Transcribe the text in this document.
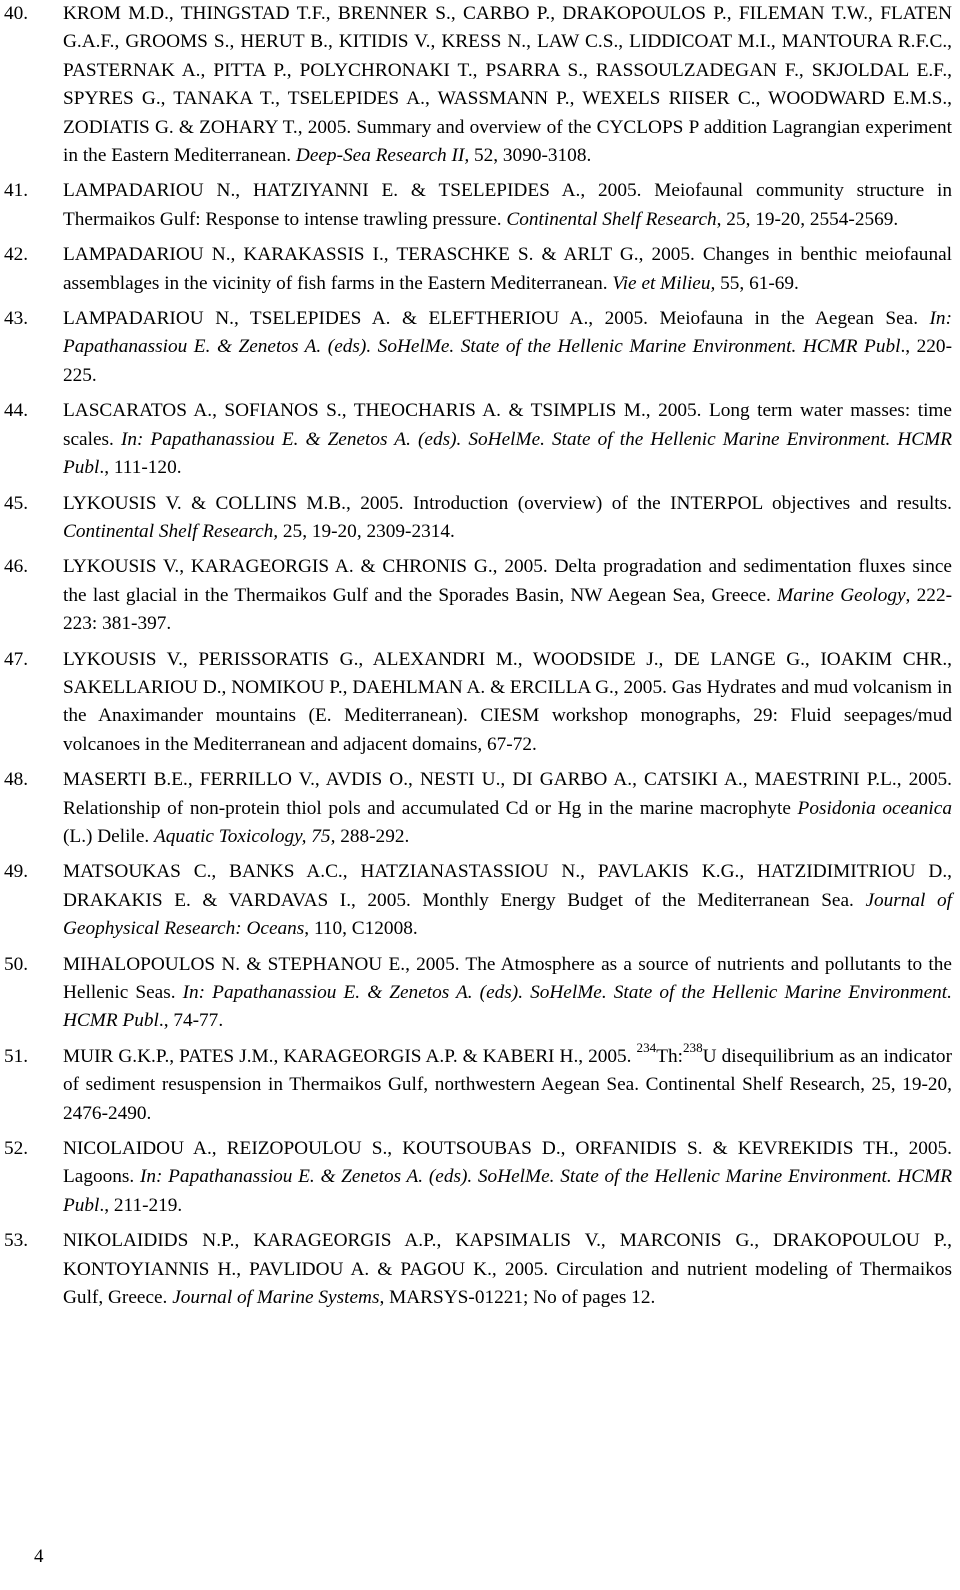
40. KROM M.D., THINGSTAD T.F., BRENNER S., CARBO P., DRAKOPOULOS P., FILEMAN T.W., FLATEN G.A.F., GROOMS S., HERUT B., KITIDIS V., KRESS N., LAW C.S., LIDDICOAT M.I., MANTOURA R.F.C., PASTERNAK A., PITTA P., POLYCHRONAKI T., PSARRA S., RASSOULZADEGAN F., SKJOLDAL E.F., SPYRES G., TANAKA T., TSELEPIDES A., WASSMANN P., WEXELS RIISER C., WOODWARD E.M.S., ZODIATIS G. & ZOHARY T., 2005. Summary and overview of the CYCLOPS P addition Lagrangian experiment in the Eastern Mediterranean. Deep-Sea Research II, 52, 3090-3108.
41. LAMPADARIOU N., HATZIYANNI E. & TSELEPIDES A., 2005. Meiofaunal community structure in Thermaikos Gulf: Response to intense trawling pressure. Continental Shelf Research, 25, 19-20, 2554-2569.
42. LAMPADARIOU N., KARAKASSIS I., TERASCHKE S. & ARLT G., 2005. Changes in benthic meiofaunal assemblages in the vicinity of fish farms in the Eastern Mediterranean. Vie et Milieu, 55, 61-69.
43. LAMPADARIOU N., TSELEPIDES A. & ELEFTHERIOU A., 2005. Meiofauna in the Aegean Sea. In: Papathanassiou E. & Zenetos A. (eds). SoHelMe. State of the Hellenic Marine Environment. HCMR Publ., 220-225.
44. LASCARATOS A., SOFIANOS S., THEOCHARIS A. & TSIMPLIS M., 2005. Long term water masses: time scales. In: Papathanassiou E. & Zenetos A. (eds). SoHelMe. State of the Hellenic Marine Environment. HCMR Publ., 111-120.
45. LYKOUSIS V. & COLLINS M.B., 2005. Introduction (overview) of the INTERPOL objectives and results. Continental Shelf Research, 25, 19-20, 2309-2314.
46. LYKOUSIS V., KARAGEORGIS A. & CHRONIS G., 2005. Delta progradation and sedimentation fluxes since the last glacial in the Thermaikos Gulf and the Sporades Basin, NW Aegean Sea, Greece. Marine Geology, 222-223: 381-397.
47. LYKOUSIS V., PERISSORATIS G., ALEXANDRI M., WOODSIDE J., DE LANGE G., IOAKIM CHR., SAKELLARIOU D., NOMIKOU P., DAEHLMAN A. & ERCILLA G., 2005. Gas Hydrates and mud volcanism in the Anaximander mountains (E. Mediterranean). CIESM workshop monographs, 29: Fluid seepages/mud volcanoes in the Mediterranean and adjacent domains, 67-72.
48. MASERTI B.E., FERRILLO V., AVDIS O., NESTI U., DI GARBO A., CATSIKI A., MAESTRINI P.L., 2005. Relationship of non-protein thiol pols and accumulated Cd or Hg in the marine macrophyte Posidonia oceanica (L.) Delile. Aquatic Toxicology, 75, 288-292.
49. MATSOUKAS C., BANKS A.C., HATZIANASTASSIOU N., PAVLAKIS K.G., HATZIDIMITRIOU D., DRAKAKIS E. & VARDAVAS I., 2005. Monthly Energy Budget of the Mediterranean Sea. Journal of Geophysical Research: Oceans, 110, C12008.
50. MIHALOPOULOS N. & STEPHANOU E., 2005. The Atmosphere as a source of nutrients and pollutants to the Hellenic Seas. In: Papathanassiou E. & Zenetos A. (eds). SoHelMe. State of the Hellenic Marine Environment. HCMR Publ., 74-77.
51. MUIR G.K.P., PATES J.M., KARAGEORGIS A.P. & KABERI H., 2005. $^{234}$Th:$^{238}$U disequilibrium as an indicator of sediment resuspension in Thermaikos Gulf, northwestern Aegean Sea. Continental Shelf Research, 25, 19-20, 2476-2490.
52. NICOLAIDOU A., REIZOPOULOU S., KOUTSOUBAS D., ORFANIDIS S. & KEVREKIDIS TH., 2005. Lagoons. In: Papathanassiou E. & Zenetos A. (eds). SoHelMe. State of the Hellenic Marine Environment. HCMR Publ., 211-219.
53. NIKOLAIDIDS N.P., KARAGEORGIS A.P., KAPSIMALIS V., MARCONIS G., DRAKOPOULOU P., KONTOYIANNIS H., PAVLIDOU A. & PAGOU K., 2005. Circulation and nutrient modeling of Thermaikos Gulf, Greece. Journal of Marine Systems, MARSYS-01221; No of pages 12.
4
